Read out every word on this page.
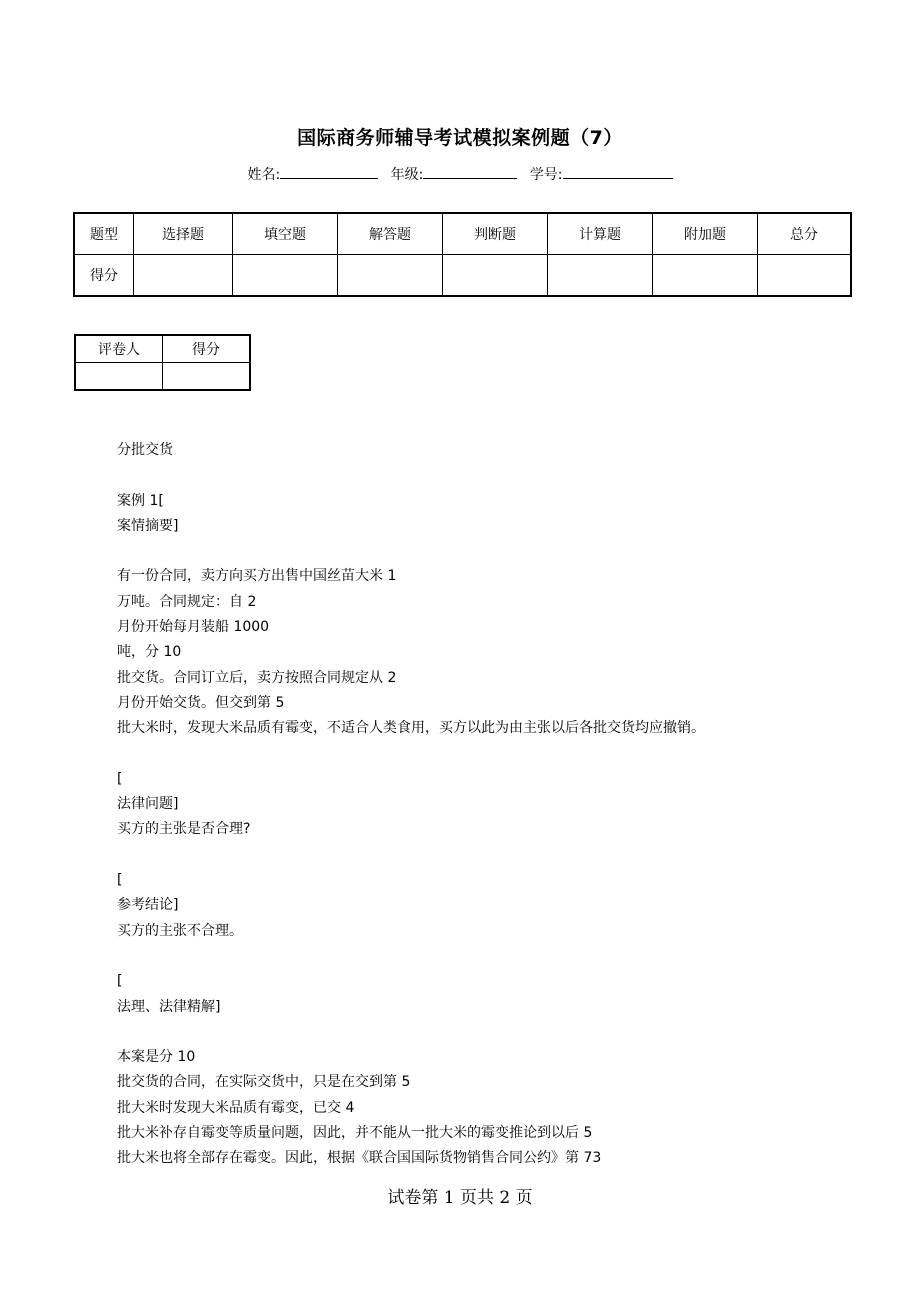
国际商务师辅导考试模拟案例题（7）
姓名:	年级:	学号:
题型	选择题	填空题	解答题	判断题	计算题	附加题	总分
得分							
评卷人	得分

分批交货
案例 1[
案情摘要]
有一份合同，卖方向买方出售中国丝苗大米 1
万吨。合同规定：自 2
月份开始每月装船 1000
吨，分 10
批交货。合同订立后，卖方按照合同规定从 2
月份开始交货。但交到第 5
批大米时，发现大米品质有霉变，不适合人类食用，买方以此为由主张以后各批交货均应撤销。
[
法律问题]
买方的主张是否合理?
[
参考结论]
买方的主张不合理。
[
法理、法律精解]
本案是分 10
批交货的合同，在实际交货中，只是在交到第 5
批大米时发现大米品质有霉变，已交 4
批大米补存自霉变等质量问题，因此，并不能从一批大米的霉变推论到以后 5
批大米也将全部存在霉变。因此，根据《联合国国际货物销售合同公约》第 73
试卷第 1 页共 2 页
